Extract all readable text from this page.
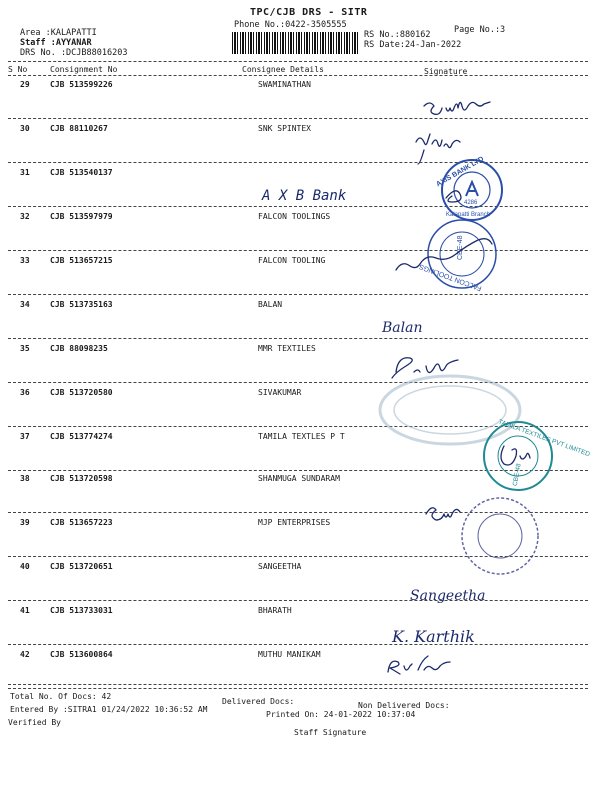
TPC/CJB DRS - SITR
Phone No.:0422-3505555	Page No.:3
Area :KALAPATTI
Staff :AYYANAR
DRS No. :DCJB88016203
RS No.:880162
RS Date:24-Jan-2022
S No	Consignment No	Consignee Details	Signature
29	CJB 513599226	SWAMINATHAN
30	CJB 88110267	SNK SPINTEX
31	CJB 513540137
32	CJB 513597979	FALCON TOOLINGS
33	CJB 513657215	FALCON TOOLING
34	CJB 513735163	BALAN
35	CJB 88098235	MMR TEXTILES
36	CJB 513720580	SIVAKUMAR
37	CJB 513774274	TAMILA TEXTLES P T
38	CJB 513720598	SHANMUGA SUNDARAM
39	CJB 513657223	MJP ENTERPRISES
40	CJB 513720651	SANGEETHA
41	CJB 513733031	BHARATH
42	CJB 513600864	MUTHU MANIKAM
A X B Bank
AXIS BANK LTD
4286
Kalapatti Branch
FALCON TOOLINGS
CBE-48
Balan
TAMILA TEXTILES PVT LIMITED
CBE-48
Sangeetha
K. Karthik
Total No. Of Docs: 42
Delivered Docs:	Non Delivered Docs:
Entered By :SITRA1 01/24/2022 10:36:52 AM
Printed On: 24-01-2022 10:37:04
Verified By
Staff Signature
